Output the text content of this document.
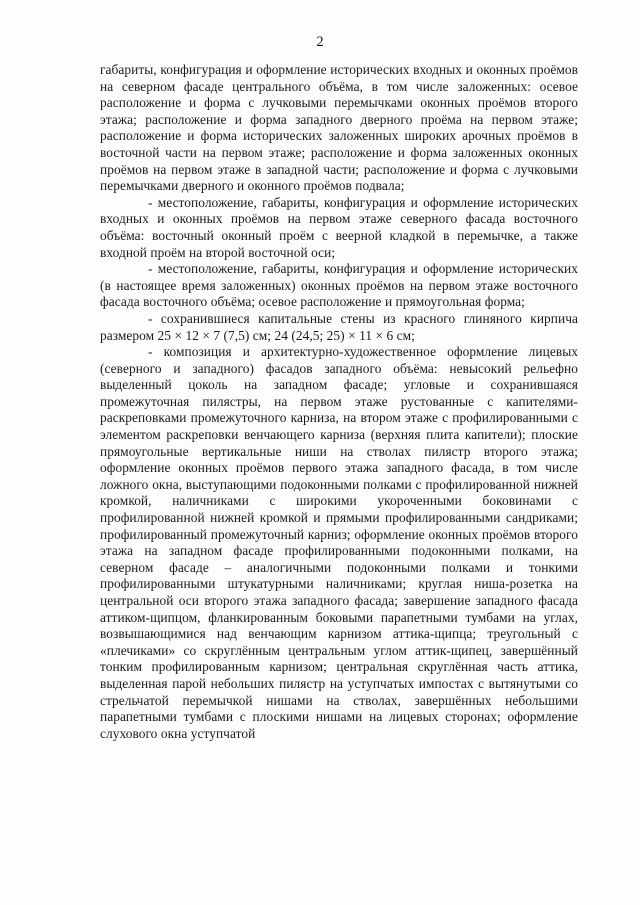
2

габариты, конфигурация и оформление исторических входных и оконных проёмов на северном фасаде центрального объёма, в том числе заложенных: осевое расположение и форма с лучковыми перемычками оконных проёмов второго этажа; расположение и форма западного дверного проёма на первом этаже; расположение и форма исторических заложенных широких арочных проёмов в восточной части на первом этаже; расположение и форма заложенных оконных проёмов на первом этаже в западной части; расположение и форма с лучковыми перемычками дверного и оконного проёмов подвала;

- местоположение, габариты, конфигурация и оформление исторических входных и оконных проёмов на первом этаже северного фасада восточного объёма: восточный оконный проём с веерной кладкой в перемычке, а также входной проём на второй восточной оси;

- местоположение, габариты, конфигурация и оформление исторических (в настоящее время заложенных) оконных проёмов на первом этаже восточного фасада восточного объёма; осевое расположение и прямоугольная форма;

- сохранившиеся капитальные стены из красного глиняного кирпича размером 25 × 12 × 7 (7,5) см; 24 (24,5; 25) × 11 × 6 см;

- композиция и архитектурно-художественное оформление лицевых (северного и западного) фасадов западного объёма: невысокий рельефно выделенный цоколь на западном фасаде; угловые и сохранившаяся промежуточная пилястры, на первом этаже рустованные с капителями-раскреповками промежуточного карниза, на втором этаже с профилированными с элементом раскреповки венчающего карниза (верхняя плита капители); плоские прямоугольные вертикальные ниши на стволах пилястр второго этажа; оформление оконных проёмов первого этажа западного фасада, в том числе ложного окна, выступающими подоконными полками с профилированной нижней кромкой, наличниками с широкими укороченными боковинами с профилированной нижней кромкой и прямыми профилированными сандриками; профилированный промежуточный карниз; оформление оконных проёмов второго этажа на западном фасаде профилированными подоконными полками, на северном фасаде – аналогичными подоконными полками и тонкими профилированными штукатурными наличниками; круглая ниша-розетка на центральной оси второго этажа западного фасада; завершение западного фасада аттиком-щипцом, фланкированным боковыми парапетными тумбами на углах, возвышающимися над венчающим карнизом аттика-щипца; треугольный с «плечиками» со скруглённым центральным углом аттик-щипец, завершённый тонким профилированным карнизом; центральная скруглённая часть аттика, выделенная парой небольших пилястр на уступчатых импостах с вытянутыми со стрельчатой перемычкой нишами на стволах, завершённых небольшими парапетными тумбами с плоскими нишами на лицевых сторонах; оформление слухового окна уступчатой
